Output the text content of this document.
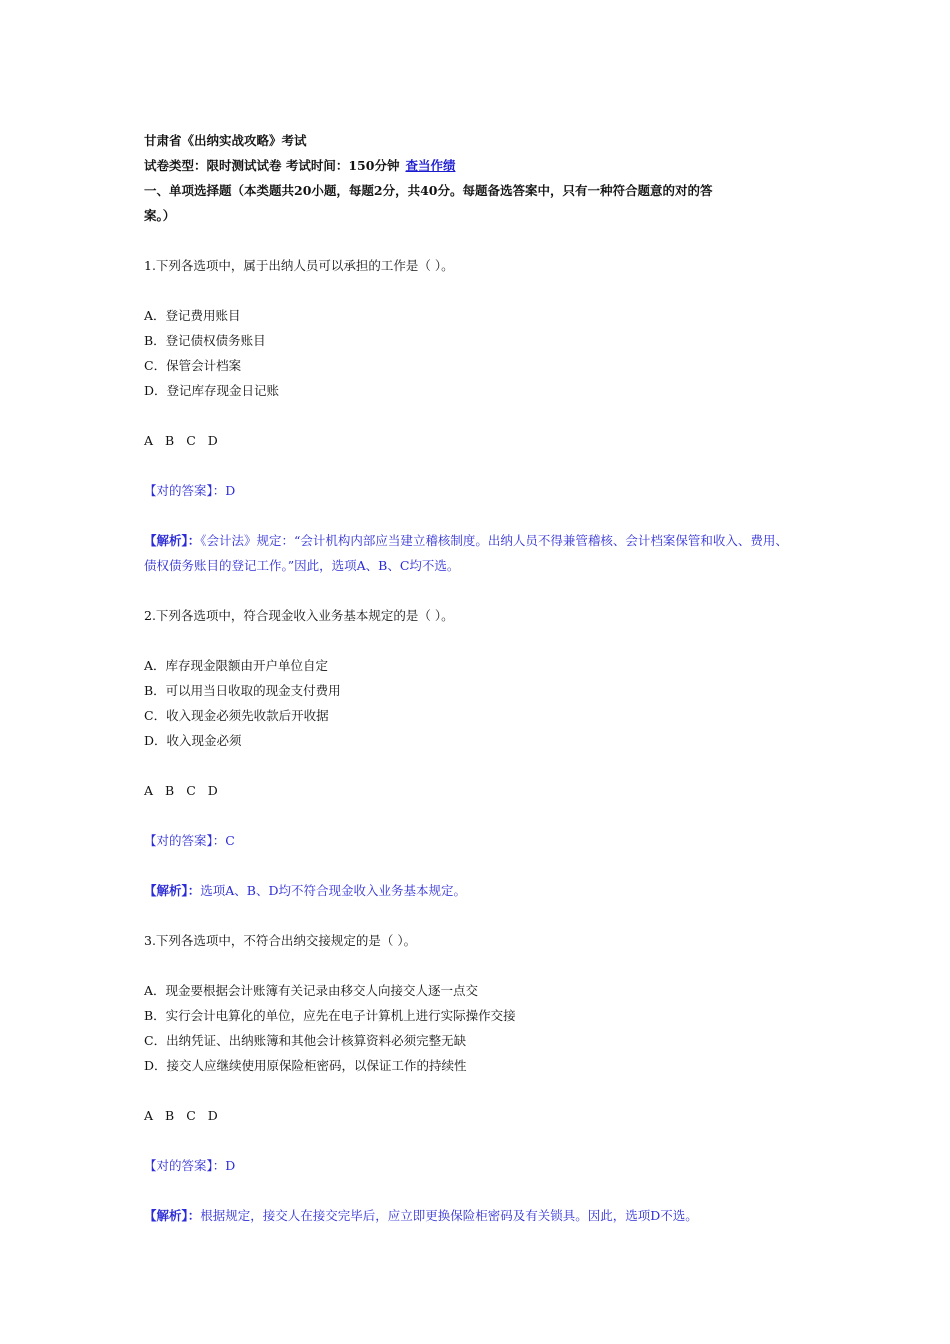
甘肃省《出纳实战攻略》考试
试卷类型：限时测试试卷 考试时间：150分钟 查当作绩
一、单项选择题（本类题共20小题，每题2分，共40分。每题备选答案中，只有一种符合题意的对的答
案。）
1.下列各选项中，属于出纳人员可以承担的工作是（ ）。
A．登记费用账目
B．登记债权债务账目
C．保管会计档案
D．登记库存现金日记账
A B C D
【对的答案】：D
【解析】：《会计法》规定：“会计机构内部应当建立稽核制度。出纳人员不得兼管稽核、会计档案保管和收入、费用、
债权债务账目的登记工作。”因此，选项A、B、C均不选。
2.下列各选项中，符合现金收入业务基本规定的是（ ）。
A．库存现金限额由开户单位自定
B．可以用当日收取的现金支付费用
C．收入现金必须先收款后开收据
D．收入现金必须
A B C D
【对的答案】：C
【解析】：选项A、B、D均不符合现金收入业务基本规定。
3.下列各选项中，不符合出纳交接规定的是（ ）。
A．现金要根据会计账簿有关记录由移交人向接交人逐一点交
B．实行会计电算化的单位，应先在电子计算机上进行实际操作交接
C．出纳凭证、出纳账簿和其他会计核算资料必须完整无缺
D．接交人应继续使用原保险柜密码，以保证工作的持续性
A B C D
【对的答案】：D
【解析】：根据规定，接交人在接交完毕后，应立即更换保险柜密码及有关锁具。因此，选项D不选。
